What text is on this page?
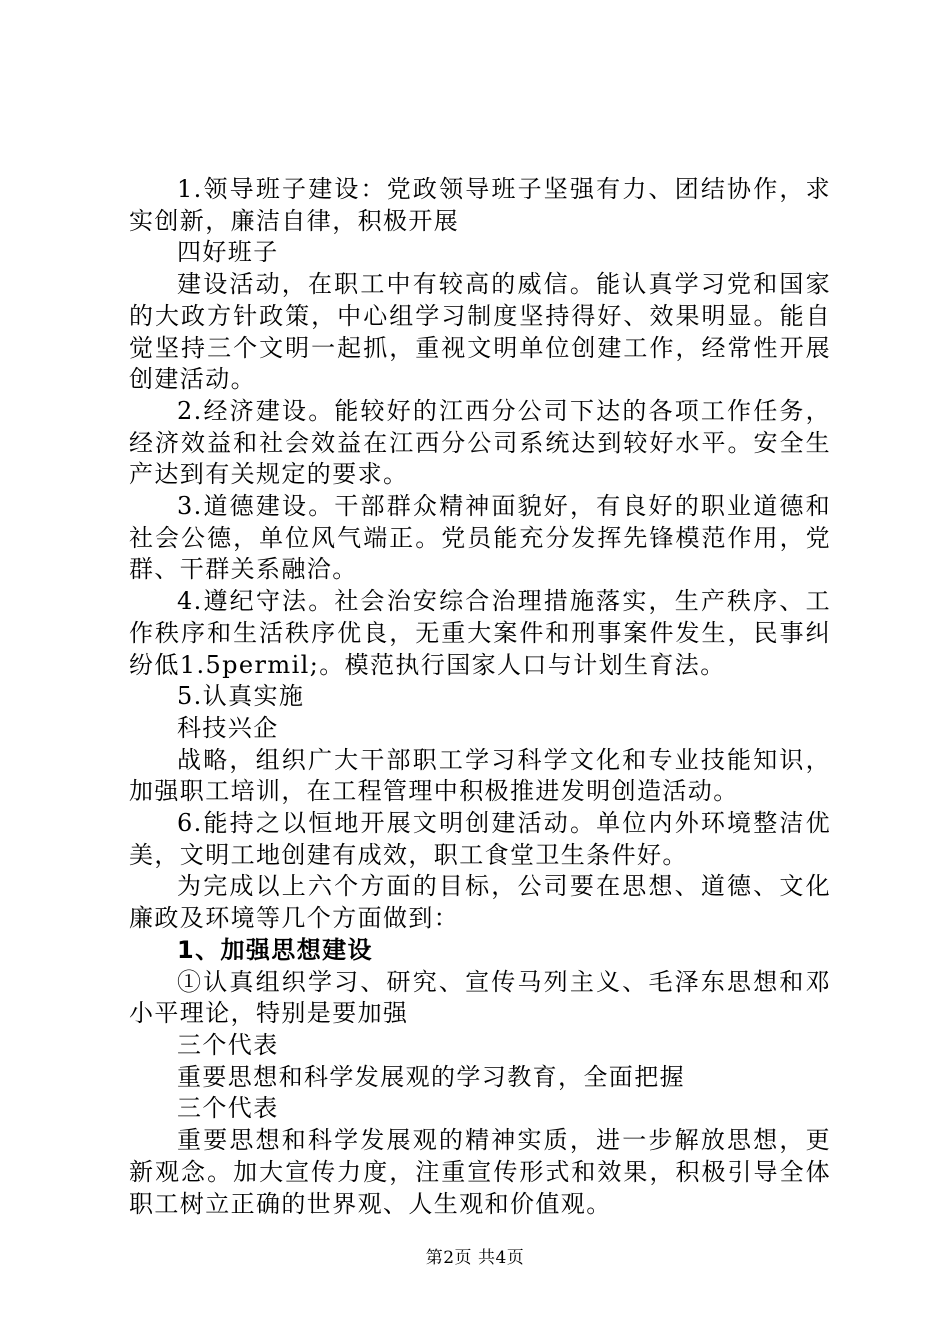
1.领导班子建设：党政领导班子坚强有力、团结协作，求实创新，廉洁自律，积极开展

四好班子

建设活动，在职工中有较高的威信。能认真学习党和国家的大政方针政策，中心组学习制度坚持得好、效果明显。能自觉坚持三个文明一起抓，重视文明单位创建工作，经常性开展创建活动。

2.经济建设。能较好的江西分公司下达的各项工作任务，经济效益和社会效益在江西分公司系统达到较好水平。安全生产达到有关规定的要求。

3.道德建设。干部群众精神面貌好，有良好的职业道德和社会公德，单位风气端正。党员能充分发挥先锋模范作用，党群、干群关系融洽。

4.遵纪守法。社会治安综合治理措施落实，生产秩序、工作秩序和生活秩序优良，无重大案件和刑事案件发生，民事纠纷低1.5permil;。模范执行国家人口与计划生育法。

5.认真实施

科技兴企

战略，组织广大干部职工学习科学文化和专业技能知识，加强职工培训，在工程管理中积极推进发明创造活动。

6.能持之以恒地开展文明创建活动。单位内外环境整洁优美，文明工地创建有成效，职工食堂卫生条件好。

为完成以上六个方面的目标，公司要在思想、道德、文化廉政及环境等几个方面做到：

1、加强思想建设

①认真组织学习、研究、宣传马列主义、毛泽东思想和邓小平理论，特别是要加强

三个代表

重要思想和科学发展观的学习教育，全面把握

三个代表

重要思想和科学发展观的精神实质，进一步解放思想，更新观念。加大宣传力度，注重宣传形式和效果，积极引导全体职工树立正确的世界观、人生观和价值观。

第2页 共4页
